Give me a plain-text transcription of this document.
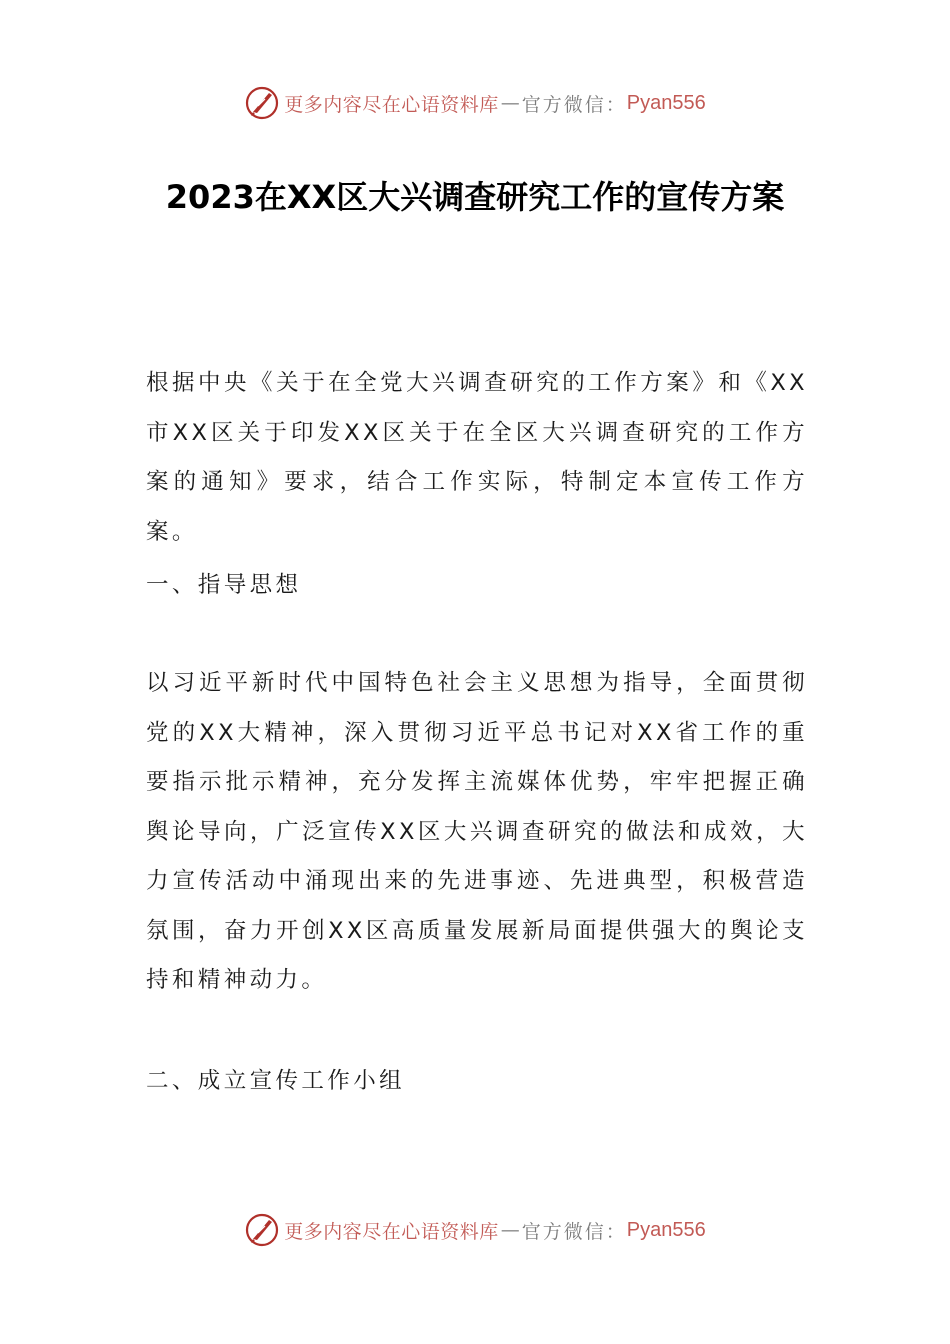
更多内容尽在心语资料库 — 官方微信： Pyan556
2023在XX区大兴调查研究工作的宣传方案

根据中央《关于在全党大兴调查研究的工作方案》和《XX市XX区关于印发XX区关于在全区大兴调查研究的工作方案的通知》要求，结合工作实际，特制定本宣传工作方案。

一、指导思想

以习近平新时代中国特色社会主义思想为指导，全面贯彻党的XX大精神，深入贯彻习近平总书记对XX省工作的重要指示批示精神，充分发挥主流媒体优势，牢牢把握正确舆论导向，广泛宣传XX区大兴调查研究的做法和成效，大力宣传活动中涌现出来的先进事迹、先进典型，积极营造氛围，奋力开创XX区高质量发展新局面提供强大的舆论支持和精神动力。

二、成立宣传工作小组
更多内容尽在心语资料库 — 官方微信： Pyan556
